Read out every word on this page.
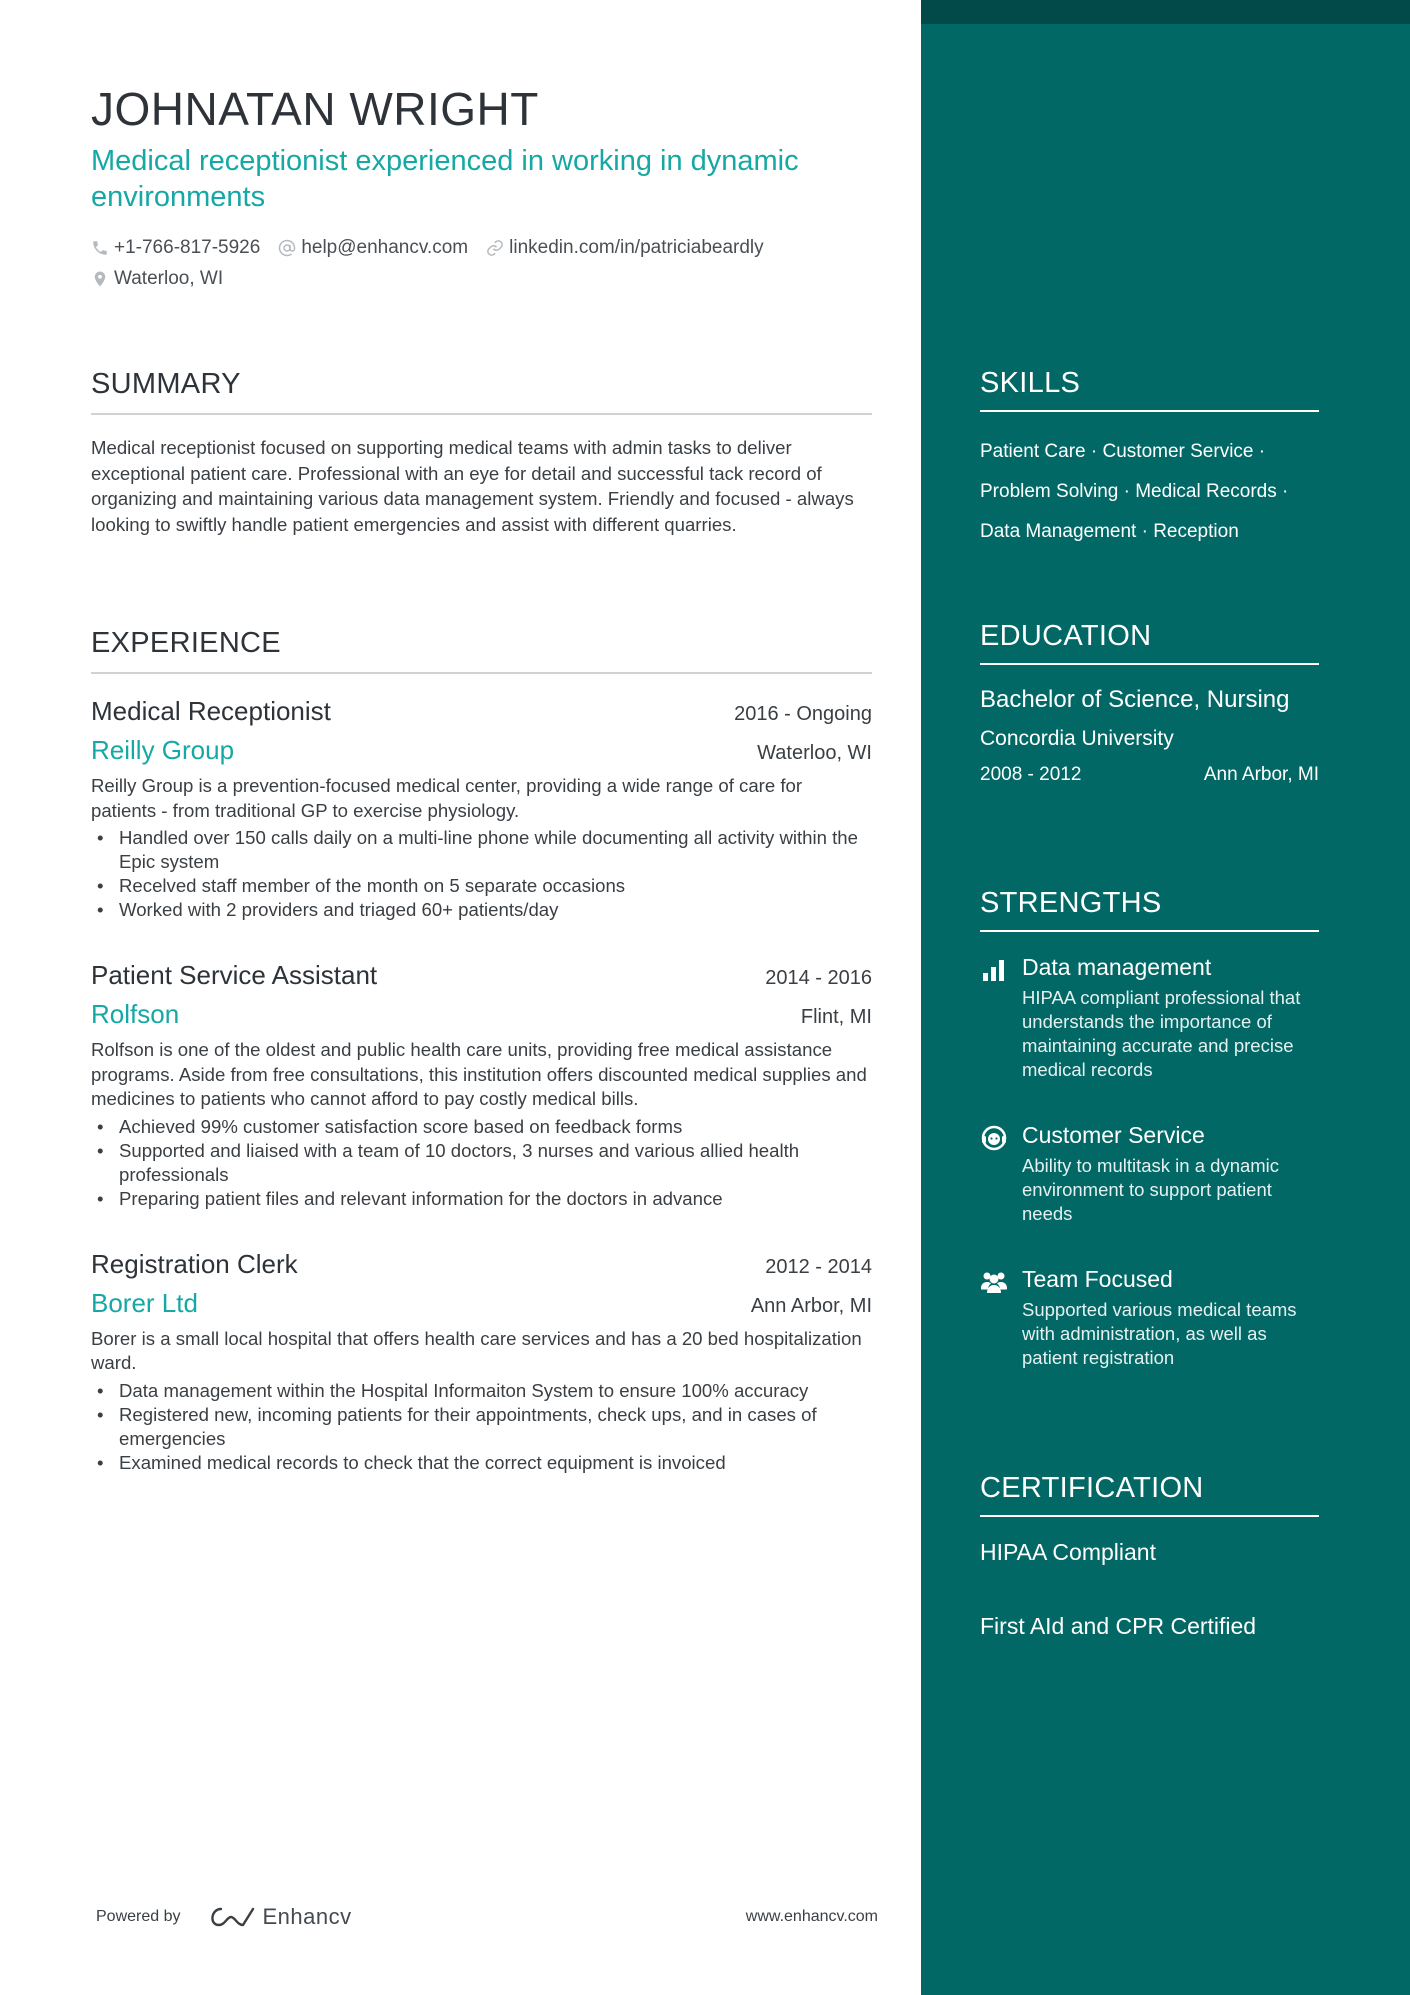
JOHNATAN WRIGHT
Medical receptionist experienced in working in dynamic environments
+1-766-817-5926 help@enhancv.com linkedin.com/in/patriciabeardly
Waterloo, WI
SUMMARY

Medical receptionist focused on supporting medical teams with admin tasks to deliver exceptional patient care. Professional with an eye for detail and successful tack record of organizing and maintaining various data management system. Friendly and focused - always looking to swiftly handle patient emergencies and assist with different quarries.

EXPERIENCE
Medical Receptionist	2016 - Ongoing
Reilly Group	Waterloo, WI

Reilly Group is a prevention-focused medical center, providing a wide range of care for patients - from traditional GP to exercise physiology.

• Handled over 150 calls daily on a multi-line phone while documenting all activity within the Epic system
• Recelved staff member of the month on 5 separate occasions
• Worked with 2 providers and triaged 60+ patients/day
Patient Service Assistant	2014 - 2016
Rolfson	Flint, MI

Rolfson is one of the oldest and public health care units, providing free medical assistance programs. Aside from free consultations, this institution offers discounted medical supplies and medicines to patients who cannot afford to pay costly medical bills.

• Achieved 99% customer satisfaction score based on feedback forms
• Supported and liaised with a team of 10 doctors, 3 nurses and various allied health professionals
• Preparing patient files and relevant information for the doctors in advance
Registration Clerk	2012 - 2014
Borer Ltd	Ann Arbor, MI

Borer is a small local hospital that offers health care services and has a 20 bed hospitalization ward.

• Data management within the Hospital Informaiton System to ensure 100% accuracy
• Registered new, incoming patients for their appointments, check ups, and in cases of emergencies
• Examined medical records to check that the correct equipment is invoiced
Powered by	Enhancv	www.enhancv.com
SKILLS
Patient Care · Customer Service ·
Problem Solving · Medical Records ·
Data Management · Reception
EDUCATION
Bachelor of Science, Nursing
Concordia University
2008 - 2012	Ann Arbor, MI
STRENGTHS
Data management
HIPAA compliant professional that understands the importance of maintaining accurate and precise medical records
Customer Service
Ability to multitask in a dynamic environment to support patient needs
Team Focused
Supported various medical teams with administration, as well as patient registration
CERTIFICATION
HIPAA Compliant
First AId and CPR Certified
